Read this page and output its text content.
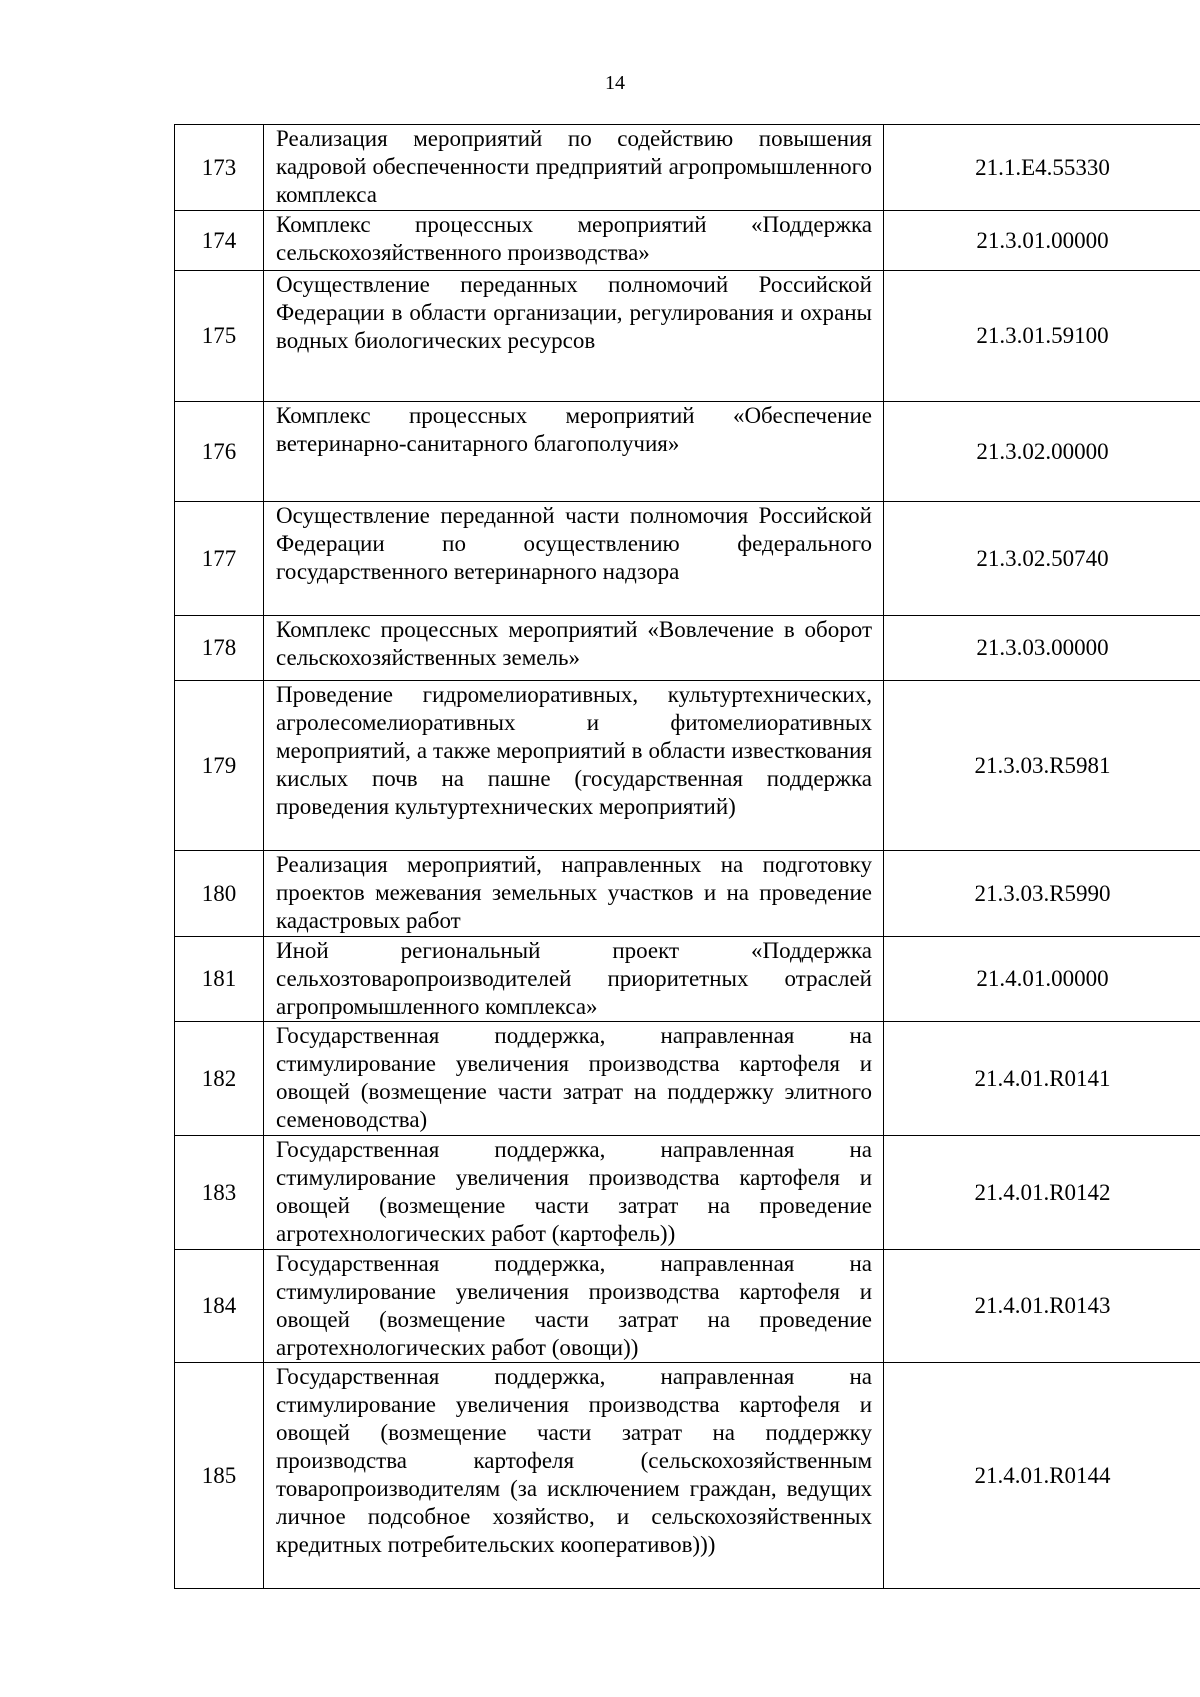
14
173	Реализация мероприятий по содействию повышения кадровой обеспеченности предприятий агропромышленного комплекса	21.1.E4.55330
174	Комплекс процессных мероприятий «Поддержка сельскохозяйственного производства»	21.3.01.00000
175	Осуществление переданных полномочий Российской Федерации в области организации, регулирования и охраны водных биологических ресурсов	21.3.01.59100
176	Комплекс процессных мероприятий «Обеспечение ветеринарно-санитарного благополучия»	21.3.02.00000
177	Осуществление переданной части полномочия Российской Федерации по осуществлению федерального государственного ветеринарного надзора	21.3.02.50740
178	Комплекс процессных мероприятий «Вовлечение в оборот сельскохозяйственных земель»	21.3.03.00000
179	Проведение гидромелиоративных, культуртехнических, агролесомелиоративных и фитомелиоративных мероприятий, а также мероприятий в области известкования кислых почв на пашне (государственная поддержка проведения культуртехнических мероприятий)	21.3.03.R5981
180	Реализация мероприятий, направленных на подготовку проектов межевания земельных участков и на проведение кадастровых работ	21.3.03.R5990
181	Иной региональный проект «Поддержка сельхозтоваропроизводителей приоритетных отраслей агропромышленного комплекса»	21.4.01.00000
182	Государственная поддержка, направленная на стимулирование увеличения производства картофеля и овощей (возмещение части затрат на поддержку элитного семеноводства)	21.4.01.R0141
183	Государственная поддержка, направленная на стимулирование увеличения производства картофеля и овощей (возмещение части затрат на проведение агротехнологических работ (картофель))	21.4.01.R0142
184	Государственная поддержка, направленная на стимулирование увеличения производства картофеля и овощей (возмещение части затрат на проведение агротехнологических работ (овощи))	21.4.01.R0143
185	Государственная поддержка, направленная на стимулирование увеличения производства картофеля и овощей (возмещение части затрат на поддержку производства картофеля (сельскохозяйственным товаропроизводителям (за исключением граждан, ведущих личное подсобное хозяйство, и сельскохозяйственных кредитных потребительских кооперативов)))	21.4.01.R0144
